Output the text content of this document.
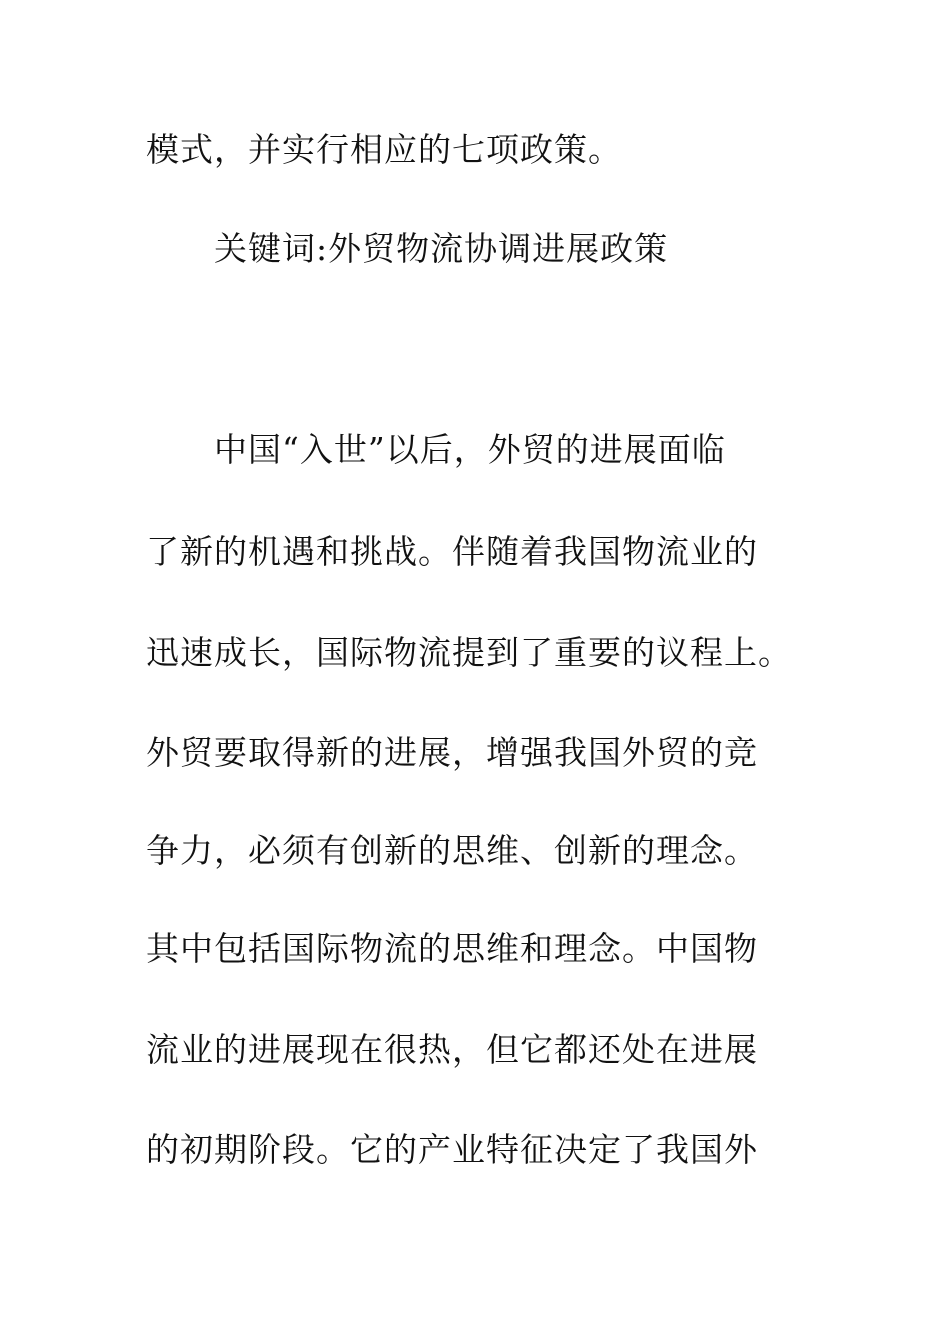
模式，并实行相应的七项政策。
关键词:外贸物流协调进展政策
中国“入世”以后，外贸的进展面临
了新的机遇和挑战。伴随着我国物流业的
迅速成长，国际物流提到了重要的议程上。
外贸要取得新的进展，增强我国外贸的竞
争力，必须有创新的思维、创新的理念。
其中包括国际物流的思维和理念。中国物
流业的进展现在很热，但它都还处在进展
的初期阶段。它的产业特征决定了我国外
